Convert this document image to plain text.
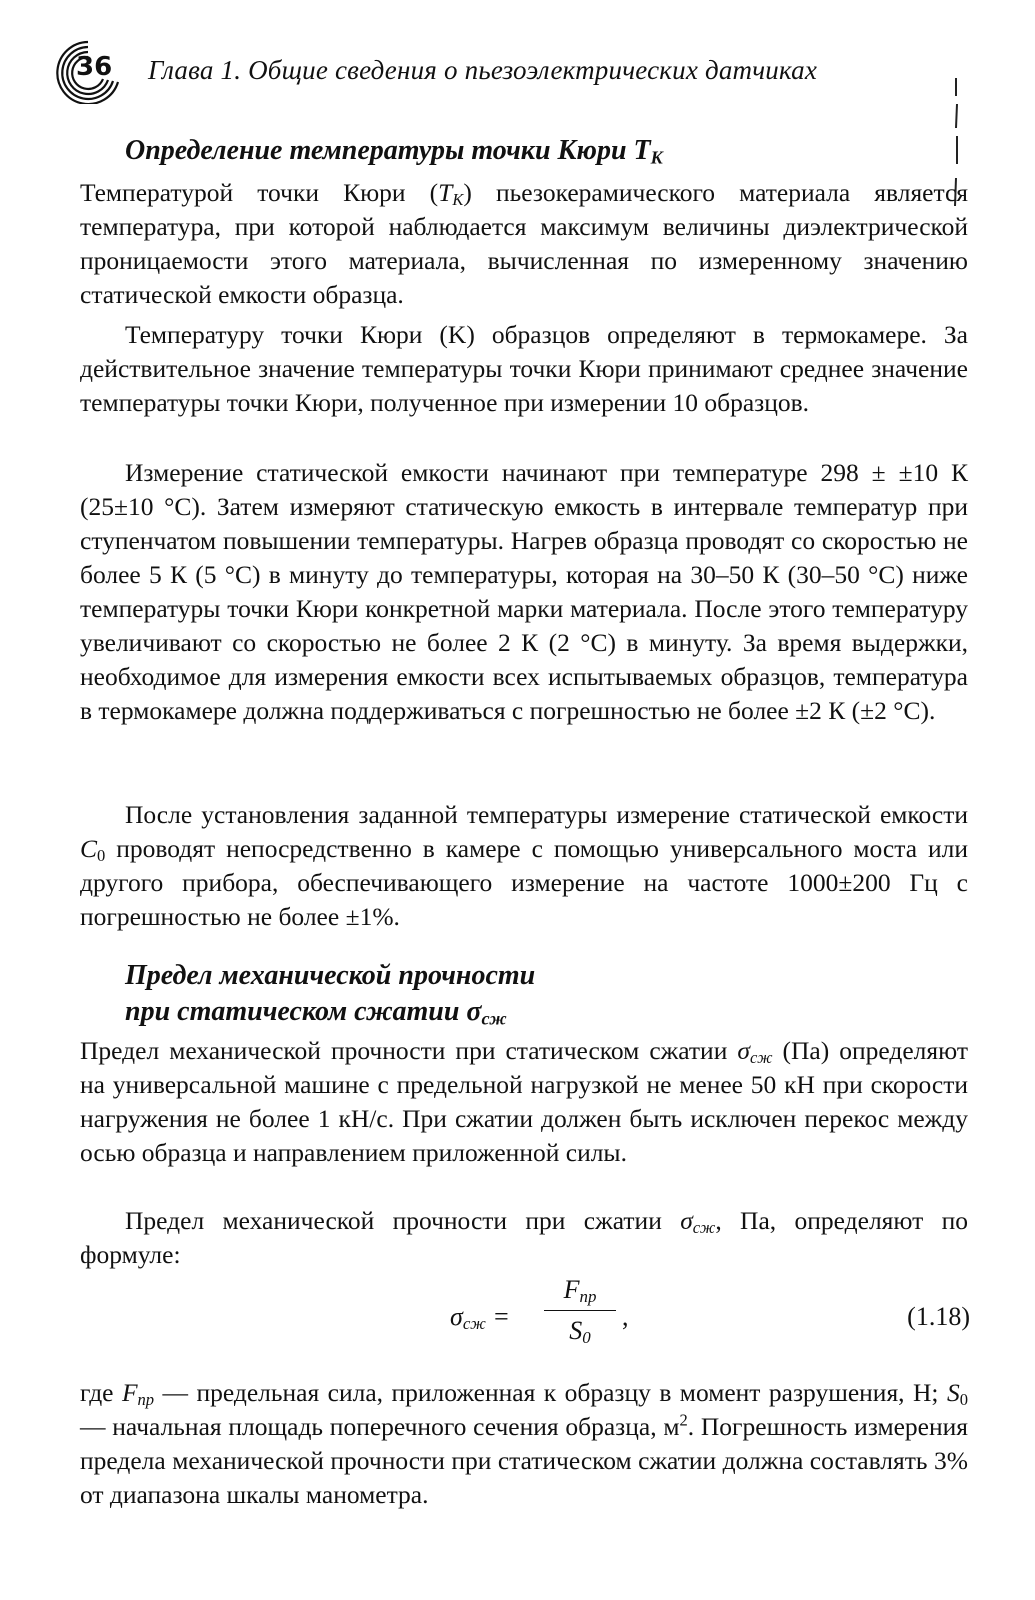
36 Глава 1. Общие сведения о пьезоэлектрических датчиках
Определение температуры точки Кюри $T_K$
Температурой точки Кюри $(T_K)$ пьезокерамического материала является температура, при которой наблюдается максимум величины диэлектрической проницаемости этого материала, вычисленная по измеренному значению статической емкости образца.
Температуру точки Кюри (K) образцов определяют в термокамере. За действительное значение температуры точки Кюри принимают среднее значение температуры точки Кюри, полученное при измерении 10 образцов.
Измерение статической емкости начинают при температуре 298 ± ±10 К (25±10 °С). Затем измеряют статическую емкость в интервале температур при ступенчатом повышении температуры. Нагрев образца проводят со скоростью не более 5 К (5 °С) в минуту до температуры, которая на 30–50 К (30–50 °С) ниже температуры точки Кюри конкретной марки материала. После этого температуру увеличивают со скоростью не более 2 К (2 °С) в минуту. За время выдержки, необходимое для измерения емкости всех испытываемых образцов, температура в термокамере должна поддерживаться с погрешностью не более ±2 К (±2 °С).
После установления заданной температуры измерение статической емкости $C_0$ проводят непосредственно в камере с помощью универсального моста или другого прибора, обеспечивающего измерение на частоте 1000±200 Гц с погрешностью не более ±1%.
Предел механической прочности
при статическом сжатии $\sigma_{сж}$
Предел механической прочности при статическом сжатии $\sigma_{сж}$ (Па) определяют на универсальной машине с предельной нагрузкой не менее 50 кН при скорости нагружения не более 1 кН/с. При сжатии должен быть исключен перекос между осью образца и направлением приложенной силы.
Предел механической прочности при сжатии $\sigma_{сж}$, Па, определяют по формуле:
$\sigma_{сж}$ =
$F_{пр}$
$S_0$
,	(1.18)
где $F_{пр}$ — предельная сила, приложенная к образцу в момент разрушения, Н; $S_0$ — начальная площадь поперечного сечения образца, $м^2$. Погрешность измерения предела механической прочности при статическом сжатии должна составлять 3% от диапазона шкалы манометра.
